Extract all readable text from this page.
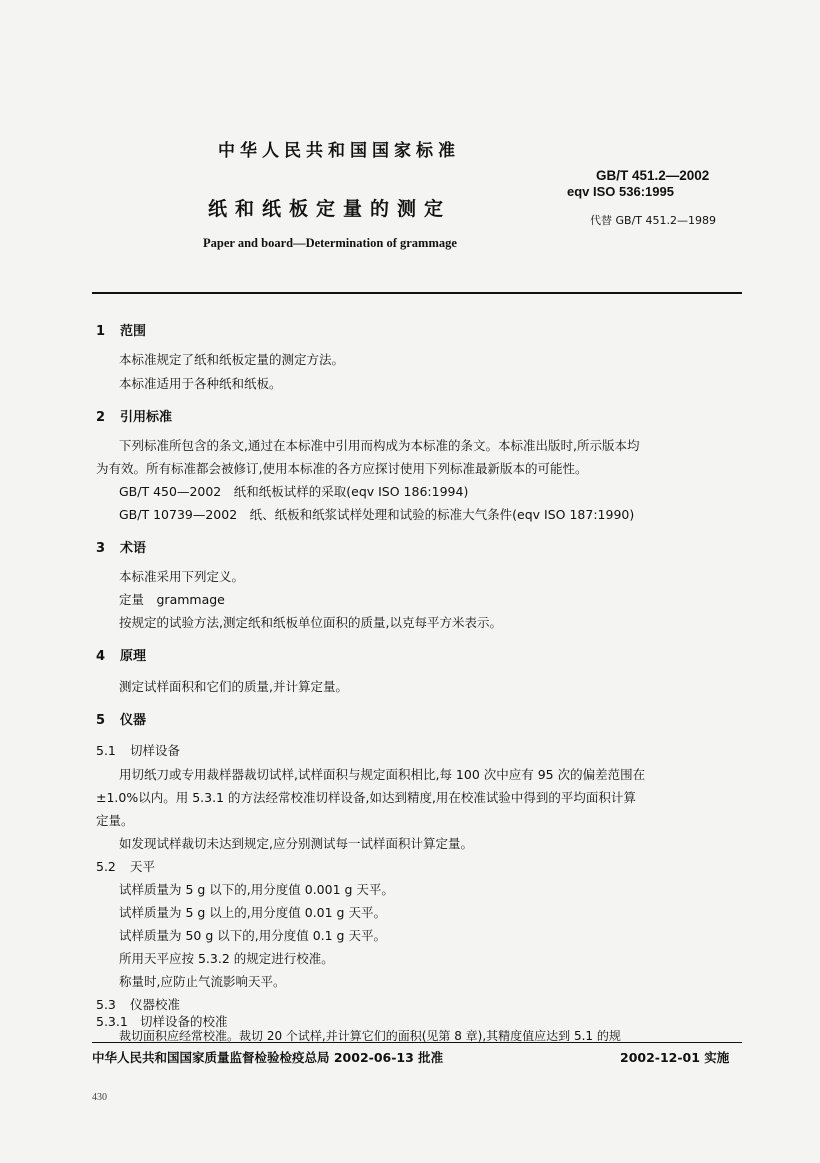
中华人民共和国国家标准
GB/T 451.2—2002
eqv ISO 536:1995
纸和纸板定量的测定
代替 GB/T 451.2—1989
Paper and board—Determination of grammage
1 范围
本标准规定了纸和纸板定量的测定方法。
本标准适用于各种纸和纸板。
2 引用标准
下列标准所包含的条文,通过在本标准中引用而构成为本标准的条文。本标准出版时,所示版本均
为有效。所有标准都会被修订,使用本标准的各方应探讨使用下列标准最新版本的可能性。
GB/T 450—2002　纸和纸板试样的采取(eqv ISO 186:1994)
GB/T 10739—2002　纸、纸板和纸浆试样处理和试验的标准大气条件(eqv ISO 187:1990)
3 术语
本标准采用下列定义。
定量　grammage
按规定的试验方法,测定纸和纸板单位面积的质量,以克每平方米表示。
4 原理
测定试样面积和它们的质量,并计算定量。
5 仪器
5.1 切样设备
用切纸刀或专用裁样器裁切试样,试样面积与规定面积相比,每 100 次中应有 95 次的偏差范围在
±1.0%以内。用 5.3.1 的方法经常校准切样设备,如达到精度,用在校准试验中得到的平均面积计算
定量。
如发现试样裁切未达到规定,应分别测试每一试样面积计算定量。
5.2 天平
试样质量为 5 g 以下的,用分度值 0.001 g 天平。
试样质量为 5 g 以上的,用分度值 0.01 g 天平。
试样质量为 50 g 以下的,用分度值 0.1 g 天平。
所用天平应按 5.3.2 的规定进行校准。
称量时,应防止气流影响天平。
5.3 仪器校准
5.3.1 切样设备的校准
裁切面积应经常校准。裁切 20 个试样,并计算它们的面积(见第 8 章),其精度值应达到 5.1 的规
中华人民共和国国家质量监督检验检疫总局 2002-06-13 批准	2002-12-01 实施
430
